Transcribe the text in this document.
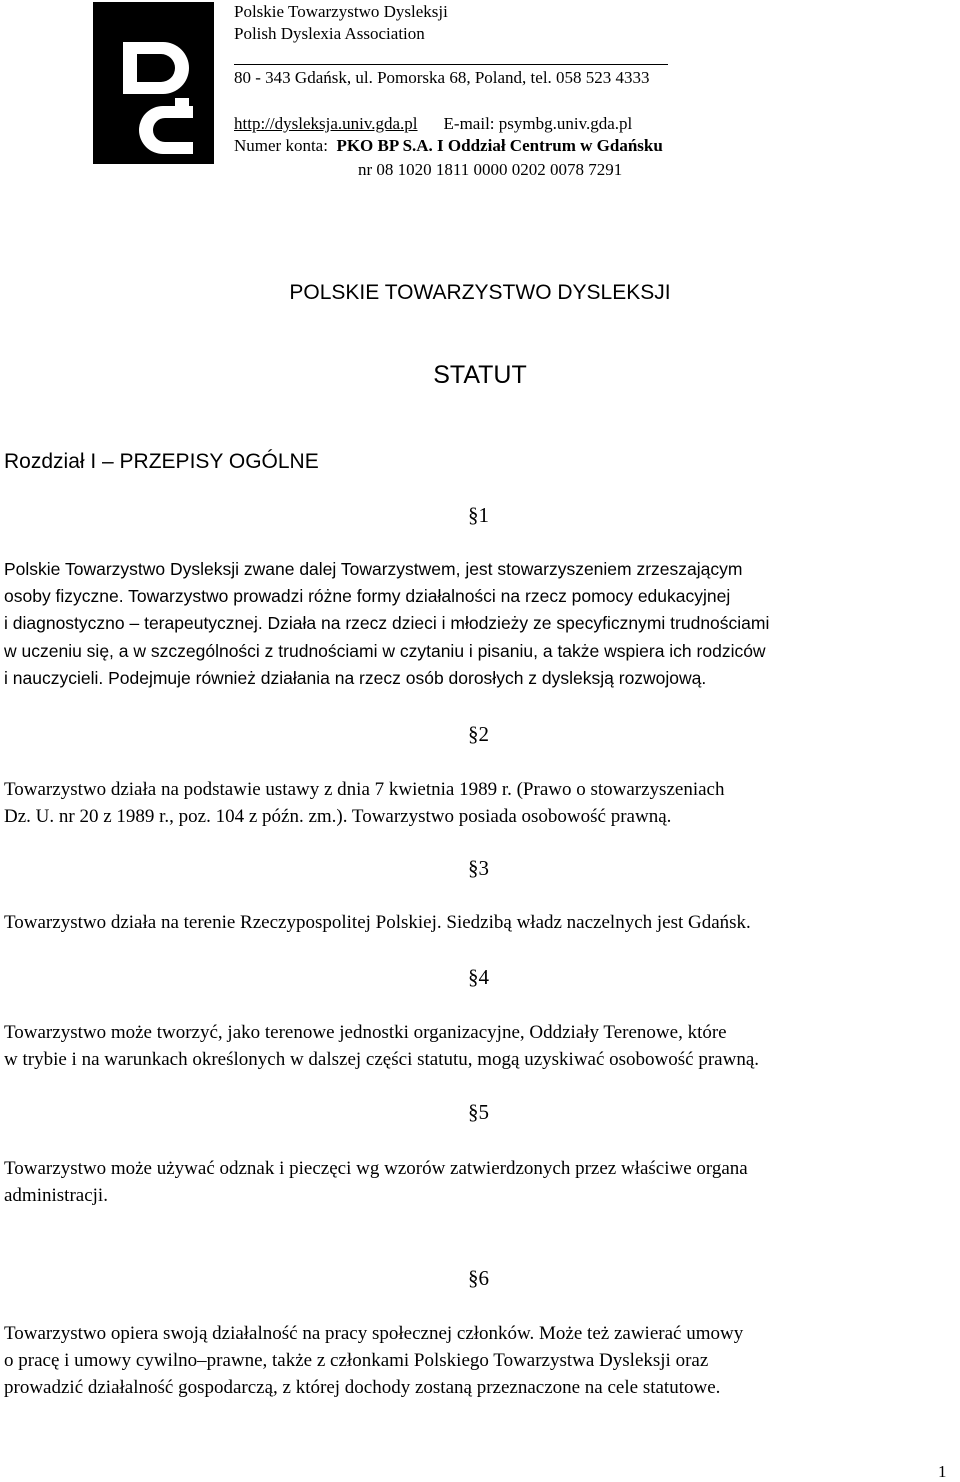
Polskie Towarzystwo Dysleksji
Polish Dyslexia Association
80 - 343 Gdańsk, ul. Pomorska 68, Poland, tel. 058 523 4333
http://dysleksja.univ.gda.pl E-mail: psymbg.univ.gda.pl
Numer konta: PKO BP S.A. I Oddział Centrum w Gdańsku
nr 08 1020 1811 0000 0202 0078 7291
POLSKIE TOWARZYSTWO DYSLEKSJI
STATUT
Rozdział I – PRZEPISY OGÓLNE
§1
Polskie Towarzystwo Dysleksji zwane dalej Towarzystwem, jest stowarzyszeniem zrzeszającym
osoby fizyczne. Towarzystwo prowadzi różne formy działalności na rzecz pomocy edukacyjnej
i diagnostyczno – terapeutycznej. Działa na rzecz dzieci i młodzieży ze specyficznymi trudnościami
w uczeniu się, a w szczególności z trudnościami w czytaniu i pisaniu, a także wspiera ich rodziców
i nauczycieli. Podejmuje również działania na rzecz osób dorosłych z dysleksją rozwojową.
§2
Towarzystwo działa na podstawie ustawy z dnia 7 kwietnia 1989 r. (Prawo o stowarzyszeniach
Dz. U. nr 20 z 1989 r., poz. 104 z późn. zm.). Towarzystwo posiada osobowość prawną.
§3
Towarzystwo działa na terenie Rzeczypospolitej Polskiej. Siedzibą władz naczelnych jest Gdańsk.
§4
Towarzystwo może tworzyć, jako terenowe jednostki organizacyjne, Oddziały Terenowe, które
w trybie i na warunkach określonych w dalszej części statutu, mogą uzyskiwać osobowość prawną.
§5
Towarzystwo może używać odznak i pieczęci wg wzorów zatwierdzonych przez właściwe organa
administracji.
§6
Towarzystwo opiera swoją działalność na pracy społecznej członków. Może też zawierać umowy
o pracę i umowy cywilno–prawne, także z członkami Polskiego Towarzystwa Dysleksji oraz
prowadzić działalność gospodarczą, z której dochody zostaną przeznaczone na cele statutowe.
1
